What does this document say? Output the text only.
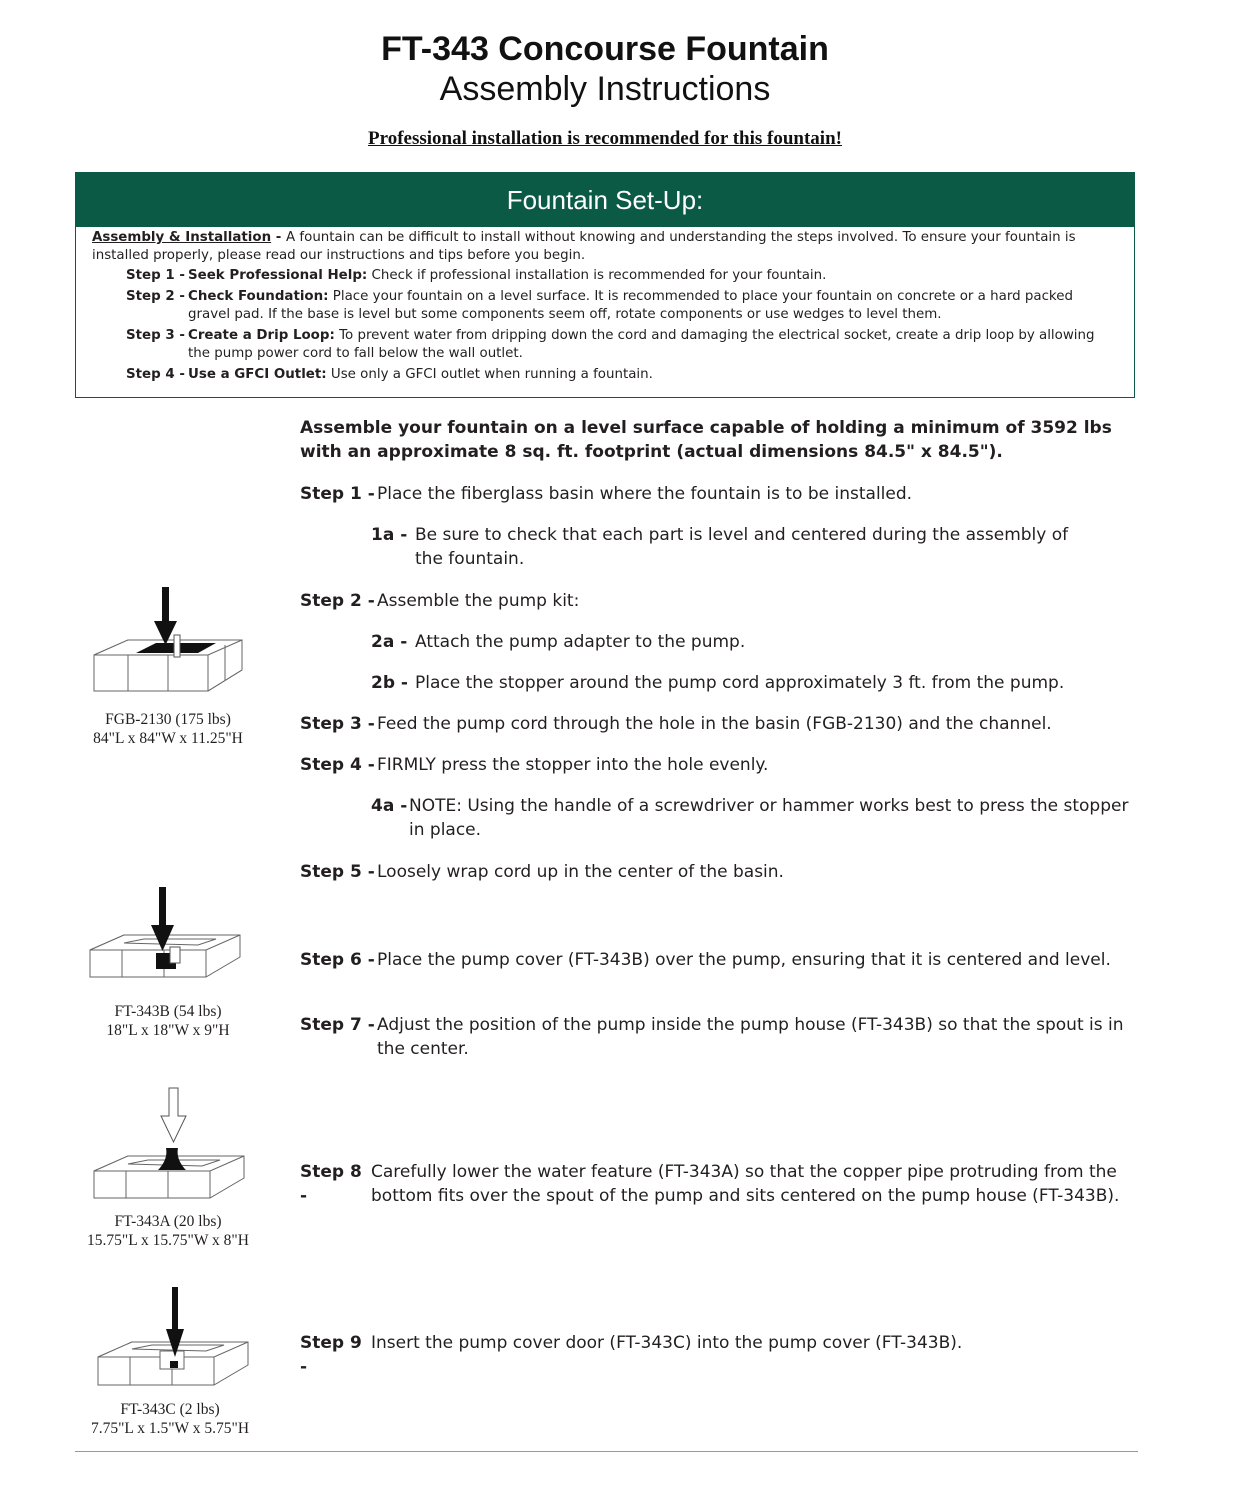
FT-343 Concourse Fountain
Assembly Instructions
Professional installation is recommended for this fountain!
Fountain Set-Up:
Assembly & Installation - A fountain can be difficult to install without knowing and understanding the steps involved. To ensure your fountain is installed properly, please read our instructions and tips before you begin.
Step 1 - Seek Professional Help: Check if professional installation is recommended for your fountain.
Step 2 - Check Foundation: Place your fountain on a level surface. It is recommended to place your fountain on concrete or a hard packed gravel pad. If the base is level but some components seem off, rotate components or use wedges to level them.
Step 3 - Create a Drip Loop: To prevent water from dripping down the cord and damaging the electrical socket, create a drip loop by allowing the pump power cord to fall below the wall outlet.
Step 4 - Use a GFCI Outlet: Use only a GFCI outlet when running a fountain.
Assemble your fountain on a level surface capable of holding a minimum of 3592 lbs with an approximate 8 sq. ft. footprint (actual dimensions 84.5" x 84.5").
Step 1 - Place the fiberglass basin where the fountain is to be installed.
1a - Be sure to check that each part is level and centered during the assembly of the fountain.
Step 2 - Assemble the pump kit:
2a - Attach the pump adapter to the pump.
2b - Place the stopper around the pump cord approximately 3 ft. from the pump.
Step 3 - Feed the pump cord through the hole in the basin (FGB-2130) and the channel.
Step 4 - FIRMLY press the stopper into the hole evenly.
4a - NOTE: Using the handle of a screwdriver or hammer works best to press the stopper in place.
Step 5 - Loosely wrap cord up in the center of the basin.
Step 6 - Place the pump cover (FT-343B) over the pump, ensuring that it is centered and level.
Step 7 - Adjust the position of the pump inside the pump house (FT-343B) so that the spout is in the center.
Step 8 -
Carefully lower the water feature (FT-343A) so that the copper pipe protruding from the bottom fits over the spout of the pump and sits centered on the pump house (FT-343B).
Step 9 -
Insert the pump cover door (FT-343C) into the pump cover (FT-343B).
FGB-2130 (175 lbs)
84"L x 84"W x 11.25"H
FT-343B (54 lbs)
18"L x 18"W x 9"H
FT-343A (20 lbs)
15.75"L x 15.75"W x 8"H
FT-343C (2 lbs)
7.75"L x 1.5"W x 5.75"H
